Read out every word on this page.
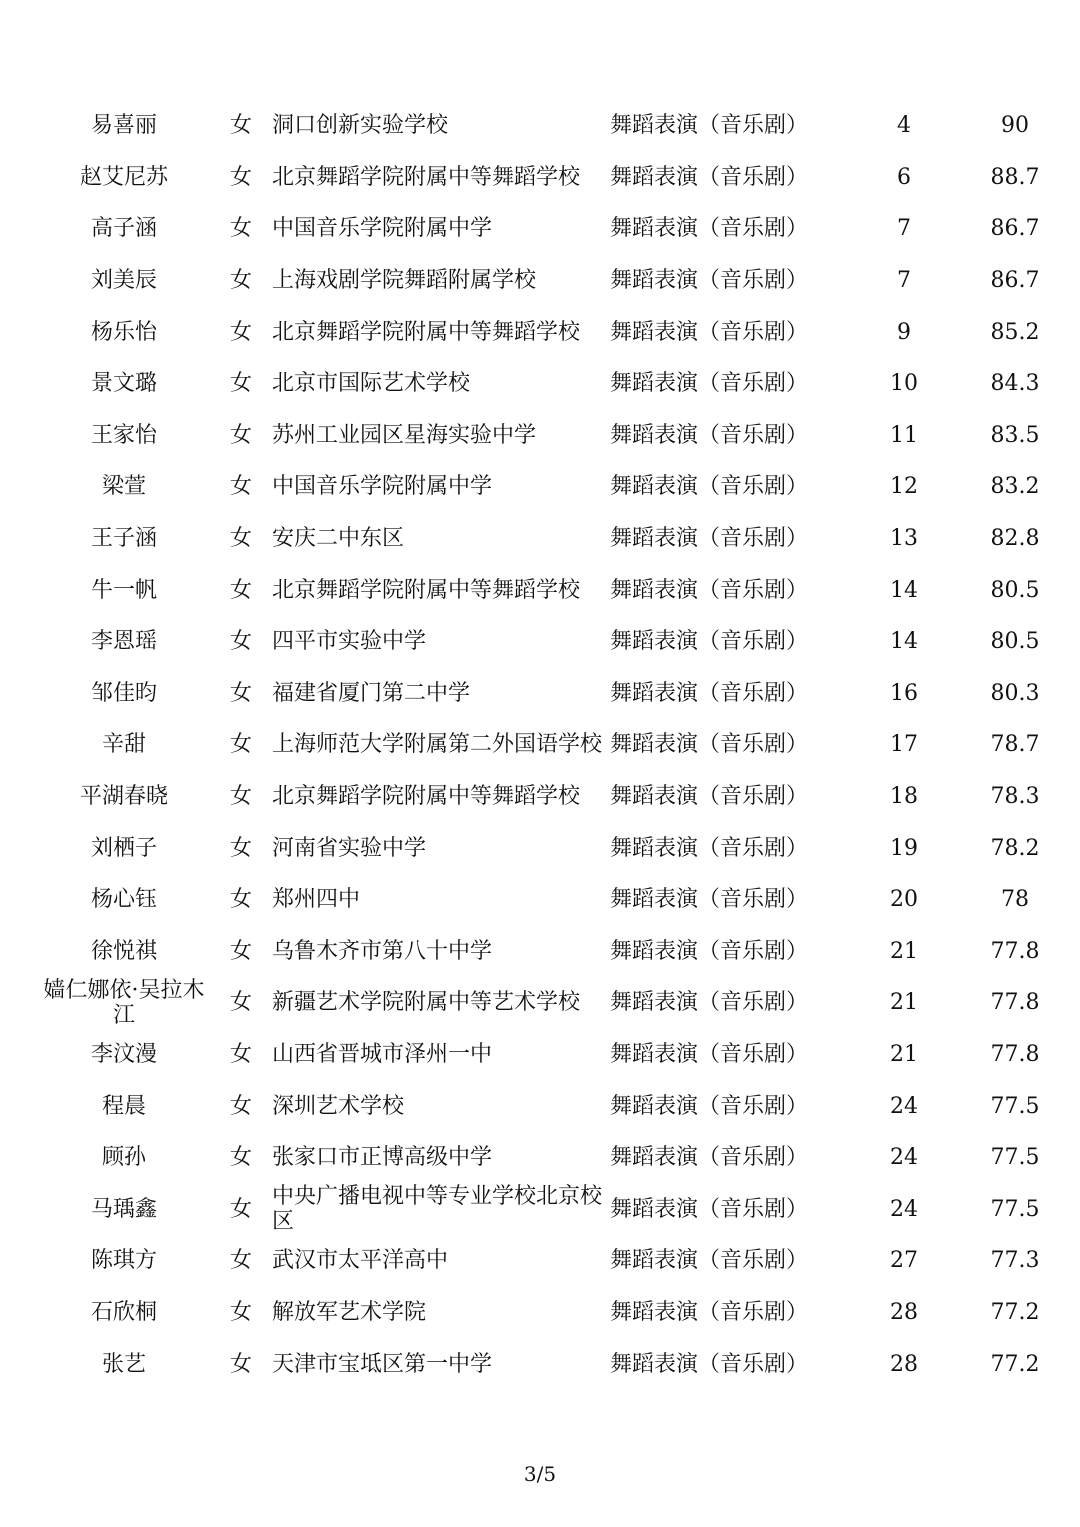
易喜丽	女	洞口创新实验学校	舞蹈表演（音乐剧）	4	90
赵艾尼苏	女	北京舞蹈学院附属中等舞蹈学校	舞蹈表演（音乐剧）	6	88.7
高子涵	女	中国音乐学院附属中学	舞蹈表演（音乐剧）	7	86.7
刘美辰	女	上海戏剧学院舞蹈附属学校	舞蹈表演（音乐剧）	7	86.7
杨乐怡	女	北京舞蹈学院附属中等舞蹈学校	舞蹈表演（音乐剧）	9	85.2
景文璐	女	北京市国际艺术学校	舞蹈表演（音乐剧）	10	84.3
王家怡	女	苏州工业园区星海实验中学	舞蹈表演（音乐剧）	11	83.5
梁萱	女	中国音乐学院附属中学	舞蹈表演（音乐剧）	12	83.2
王子涵	女	安庆二中东区	舞蹈表演（音乐剧）	13	82.8
牛一帆	女	北京舞蹈学院附属中等舞蹈学校	舞蹈表演（音乐剧）	14	80.5
李恩瑶	女	四平市实验中学	舞蹈表演（音乐剧）	14	80.5
邹佳昀	女	福建省厦门第二中学	舞蹈表演（音乐剧）	16	80.3
辛甜	女	上海师范大学附属第二外国语学校	舞蹈表演（音乐剧）	17	78.7
平湖春晓	女	北京舞蹈学院附属中等舞蹈学校	舞蹈表演（音乐剧）	18	78.3
刘栖子	女	河南省实验中学	舞蹈表演（音乐剧）	19	78.2
杨心钰	女	郑州四中	舞蹈表演（音乐剧）	20	78
徐悦祺	女	乌鲁木齐市第八十中学	舞蹈表演（音乐剧）	21	77.8
嫱仁娜依·吴拉木江	女	新疆艺术学院附属中等艺术学校	舞蹈表演（音乐剧）	21	77.8
李汶漫	女	山西省晋城市泽州一中	舞蹈表演（音乐剧）	21	77.8
程晨	女	深圳艺术学校	舞蹈表演（音乐剧）	24	77.5
顾孙	女	张家口市正博高级中学	舞蹈表演（音乐剧）	24	77.5
马瑀鑫	女	中央广播电视中等专业学校北京校区	舞蹈表演（音乐剧）	24	77.5
陈琪方	女	武汉市太平洋高中	舞蹈表演（音乐剧）	27	77.3
石欣桐	女	解放军艺术学院	舞蹈表演（音乐剧）	28	77.2
张艺	女	天津市宝坻区第一中学	舞蹈表演（音乐剧）	28	77.2
3/5
